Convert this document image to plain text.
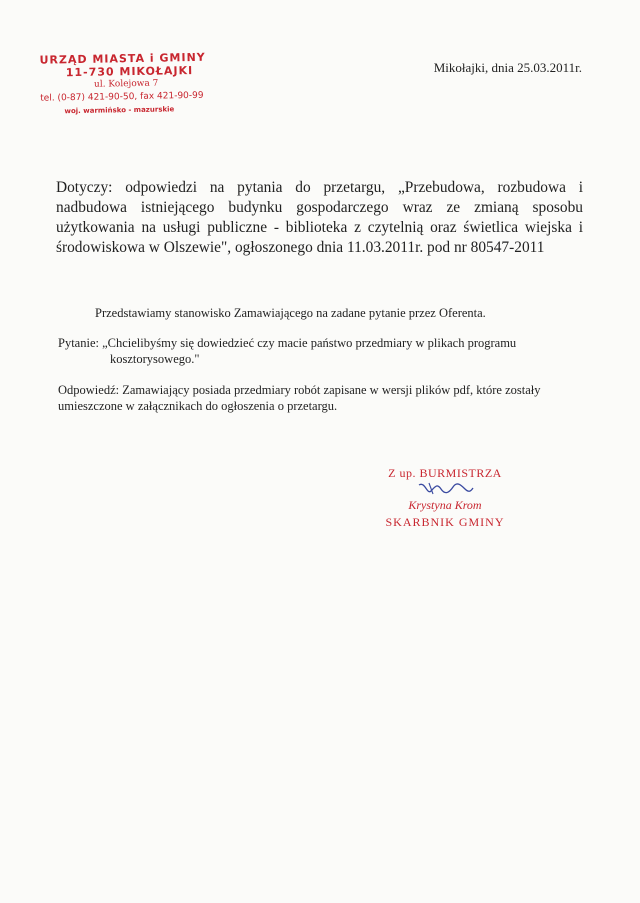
URZĄD MIASTA i GMINY
11-730 MIKOŁAJKI
ul. Kolejowa 7
tel. (0-87) 421-90-50, fax 421-90-99
woj. warmińsko - mazurskie
Mikołajki, dnia 25.03.2011r.
Dotyczy: odpowiedzi na pytania do przetargu, „Przebudowa, rozbudowa i nadbudowa istniejącego budynku gospodarczego wraz ze zmianą sposobu użytkowania na usługi publiczne - biblioteka z czytelnią oraz świetlica wiejska i środowiskowa w Olszewie", ogłoszonego dnia 11.03.2011r. pod nr 80547-2011
Przedstawiamy stanowisko Zamawiającego na zadane pytanie przez Oferenta.
Pytanie: „Chcielibyśmy się dowiedzieć czy macie państwo przedmiary w plikach programu
kosztorysowego."
Odpowiedź: Zamawiający posiada przedmiary robót zapisane w wersji plików pdf, które zostały
umieszczone w załącznikach do ogłoszenia o przetargu.
Z up. BURMISTRZA
Krystyna Krom
SKARBNIK GMINY
